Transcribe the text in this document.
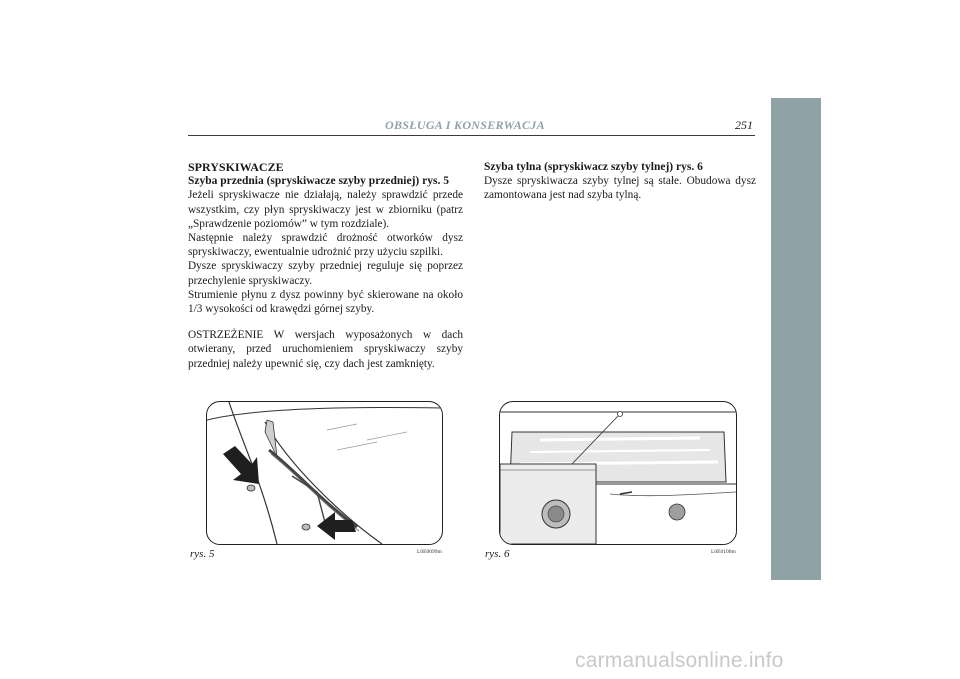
OBSŁUGA I KONSERWACJA	251

SPRYSKIWACZE

Szyba przednia (spryskiwacze szyby przedniej) rys. 5

Jeżeli spryskiwacze nie działają, należy sprawdzić przede wszystkim, czy płyn spryskiwaczy jest w zbiorniku (patrz „Sprawdzenie poziomów” w tym rozdziale).

Następnie należy sprawdzić drożność otworków dysz spryskiwaczy, ewentualnie udrożnić przy użyciu szpilki.

Dysze spryskiwaczy szyby przedniej reguluje się poprzez przechylenie spryskiwaczy.

Strumienie płynu z dysz powinny być skierowane na około 1/3 wysokości od krawędzi górnej szyby.

OSTRZEŻENIE W wersjach wyposażonych w dach otwierany, przed uruchomieniem spryskiwaczy szyby przedniej należy upewnić się, czy dach jest zamknięty.

Szyba tylna (spryskiwacz szyby tylnej) rys. 6

Dysze spryskiwacza szyby tylnej są stałe. Obudowa dysz zamontowana jest nad szyba tylną.

rys. 5	L0E0099m	rys. 6	L0E0100m
carmanualsonline.info
